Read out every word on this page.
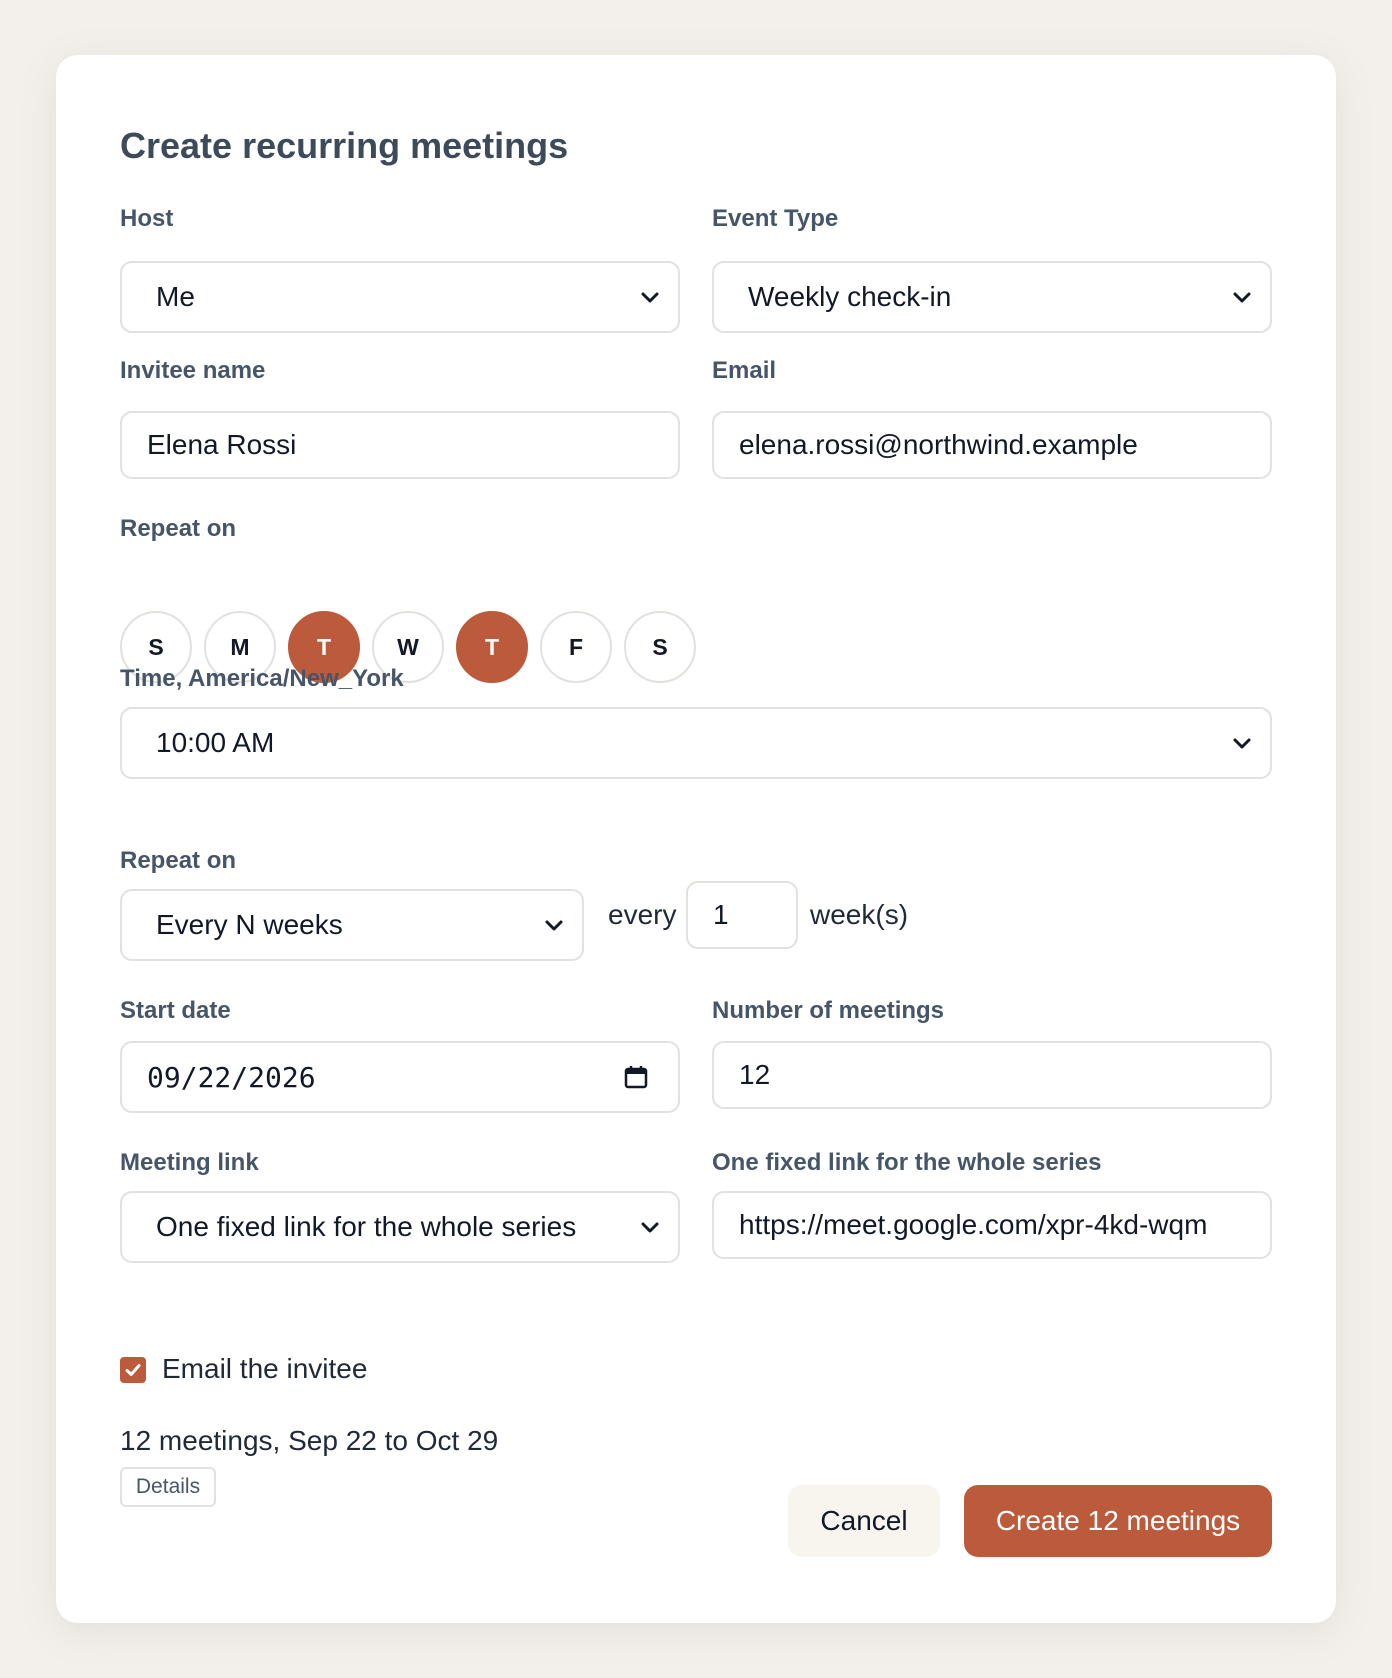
Create recurring meetings
Host
Me
Event Type
Weekly check-in
Invitee name
Elena Rossi
Email
elena.rossi@northwind.example
Repeat on
S	M	T	W	T	F	S
Time, America/New_York
10:00 AM
Repeat on
Every N weeks	every 1	week(s)
Start date
09/22/2026
Number of meetings
12
Meeting link
One fixed link for the whole series
One fixed link for the whole series
https://meet.google.com/xpr-4kd-wqm
Email the invitee
12 meetings, Sep 22 to Oct 29
Details
Cancel	Create 12 meetings
